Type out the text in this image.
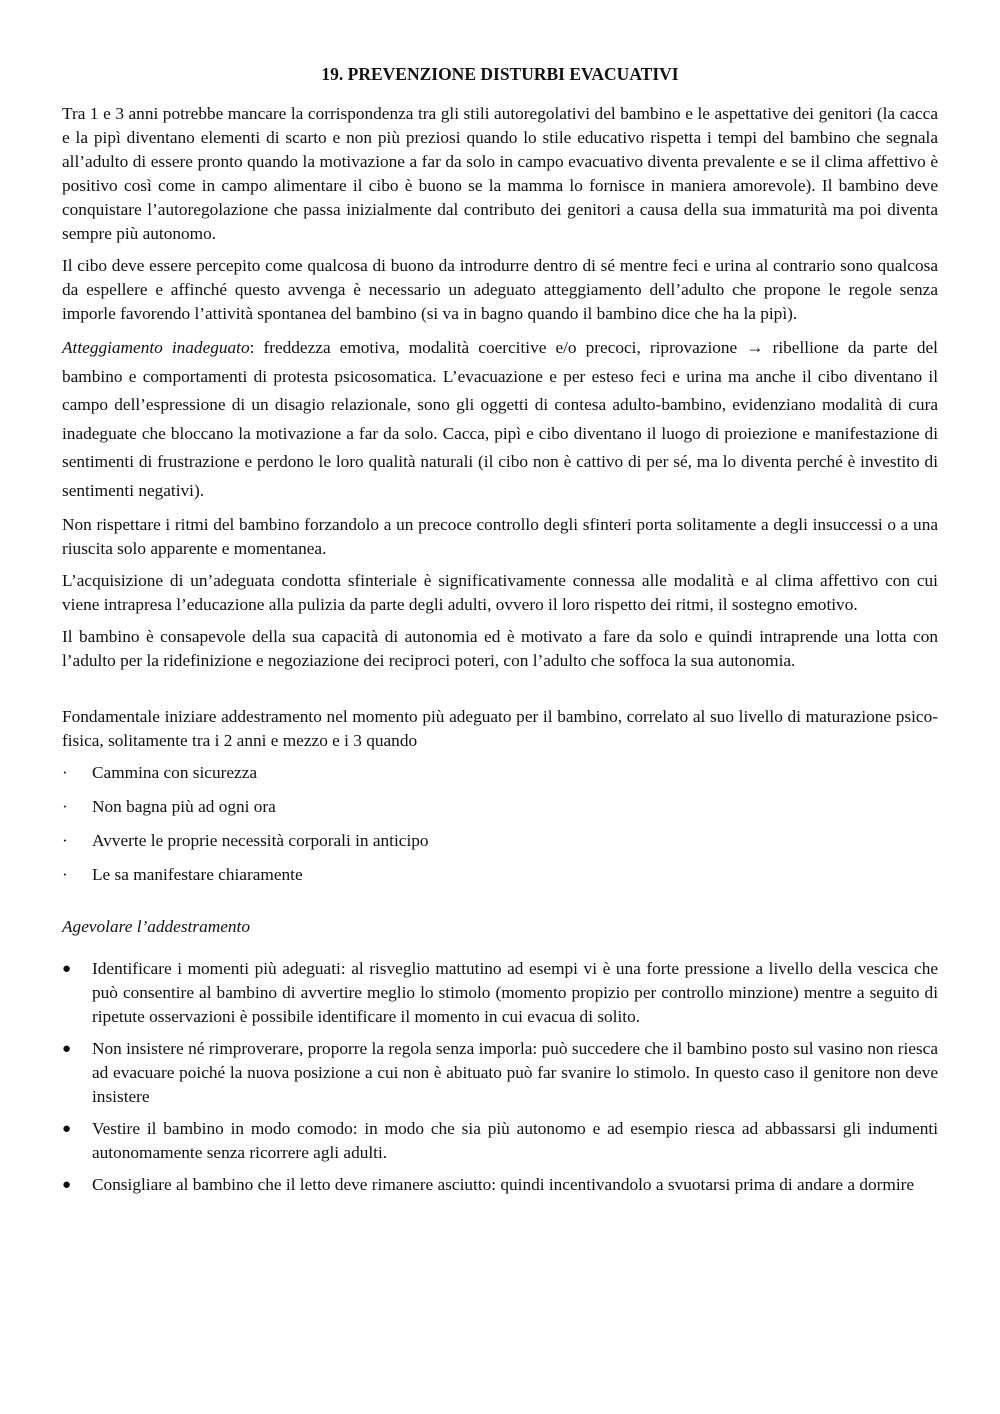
19. PREVENZIONE DISTURBI EVACUATIVI

Tra 1 e 3 anni potrebbe mancare la corrispondenza tra gli stili autoregolativi del bambino e le aspettative dei genitori (la cacca e la pipì diventano elementi di scarto e non più preziosi quando lo stile educativo rispetta i tempi del bambino che segnala all’adulto di essere pronto quando la motivazione a far da solo in campo evacuativo diventa prevalente e se il clima affettivo è positivo così come in campo alimentare il cibo è buono se la mamma lo fornisce in maniera amorevole). Il bambino deve conquistare l’autoregolazione che passa inizialmente dal contributo dei genitori a causa della sua immaturità ma poi diventa sempre più autonomo.

Il cibo deve essere percepito come qualcosa di buono da introdurre dentro di sé mentre feci e urina al contrario sono qualcosa da espellere e affinché questo avvenga è necessario un adeguato atteggiamento dell’adulto che propone le regole senza imporle favorendo l’attività spontanea del bambino (si va in bagno quando il bambino dice che ha la pipì).

Atteggiamento inadeguato: freddezza emotiva, modalità coercitive e/o precoci, riprovazione → ribellione da parte del bambino e comportamenti di protesta psicosomatica. L’evacuazione e per esteso feci e urina ma anche il cibo diventano il campo dell’espressione di un disagio relazionale, sono gli oggetti di contesa adulto-bambino, evidenziano modalità di cura inadeguate che bloccano la motivazione a far da solo. Cacca, pipì e cibo diventano il luogo di proiezione e manifestazione di sentimenti di frustrazione e perdono le loro qualità naturali (il cibo non è cattivo di per sé, ma lo diventa perché è investito di sentimenti negativi).

Non rispettare i ritmi del bambino forzandolo a un precoce controllo degli sfinteri porta solitamente a degli insuccessi o a una riuscita solo apparente e momentanea.

L’acquisizione di un’adeguata condotta sfinteriale è significativamente connessa alle modalità e al clima affettivo con cui viene intrapresa l’educazione alla pulizia da parte degli adulti, ovvero il loro rispetto dei ritmi, il sostegno emotivo.

Il bambino è consapevole della sua capacità di autonomia ed è motivato a fare da solo e quindi intraprende una lotta con l’adulto per la ridefinizione e negoziazione dei reciproci poteri, con l’adulto che soffoca la sua autonomia.

Fondamentale iniziare addestramento nel momento più adeguato per il bambino, correlato al suo livello di maturazione psico-fisica, solitamente tra i 2 anni e mezzo e i 3 quando

·	Cammina con sicurezza
·	Non bagna più ad ogni ora
·	Avverte le proprie necessità corporali in anticipo
·	Le sa manifestare chiaramente

Agevolare l’addestramento

●	Identificare i momenti più adeguati: al risveglio mattutino ad esempi vi è una forte pressione a livello della vescica che può consentire al bambino di avvertire meglio lo stimolo (momento propizio per controllo minzione) mentre a seguito di ripetute osservazioni è possibile identificare il momento in cui evacua di solito.
●	Non insistere né rimproverare, proporre la regola senza imporla: può succedere che il bambino posto sul vasino non riesca ad evacuare poiché la nuova posizione a cui non è abituato può far svanire lo stimolo. In questo caso il genitore non deve insistere
●	Vestire il bambino in modo comodo: in modo che sia più autonomo e ad esempio riesca ad abbassarsi gli indumenti autonomamente senza ricorrere agli adulti.
●	Consigliare al bambino che il letto deve rimanere asciutto: quindi incentivandolo a svuotarsi prima di andare a dormire
